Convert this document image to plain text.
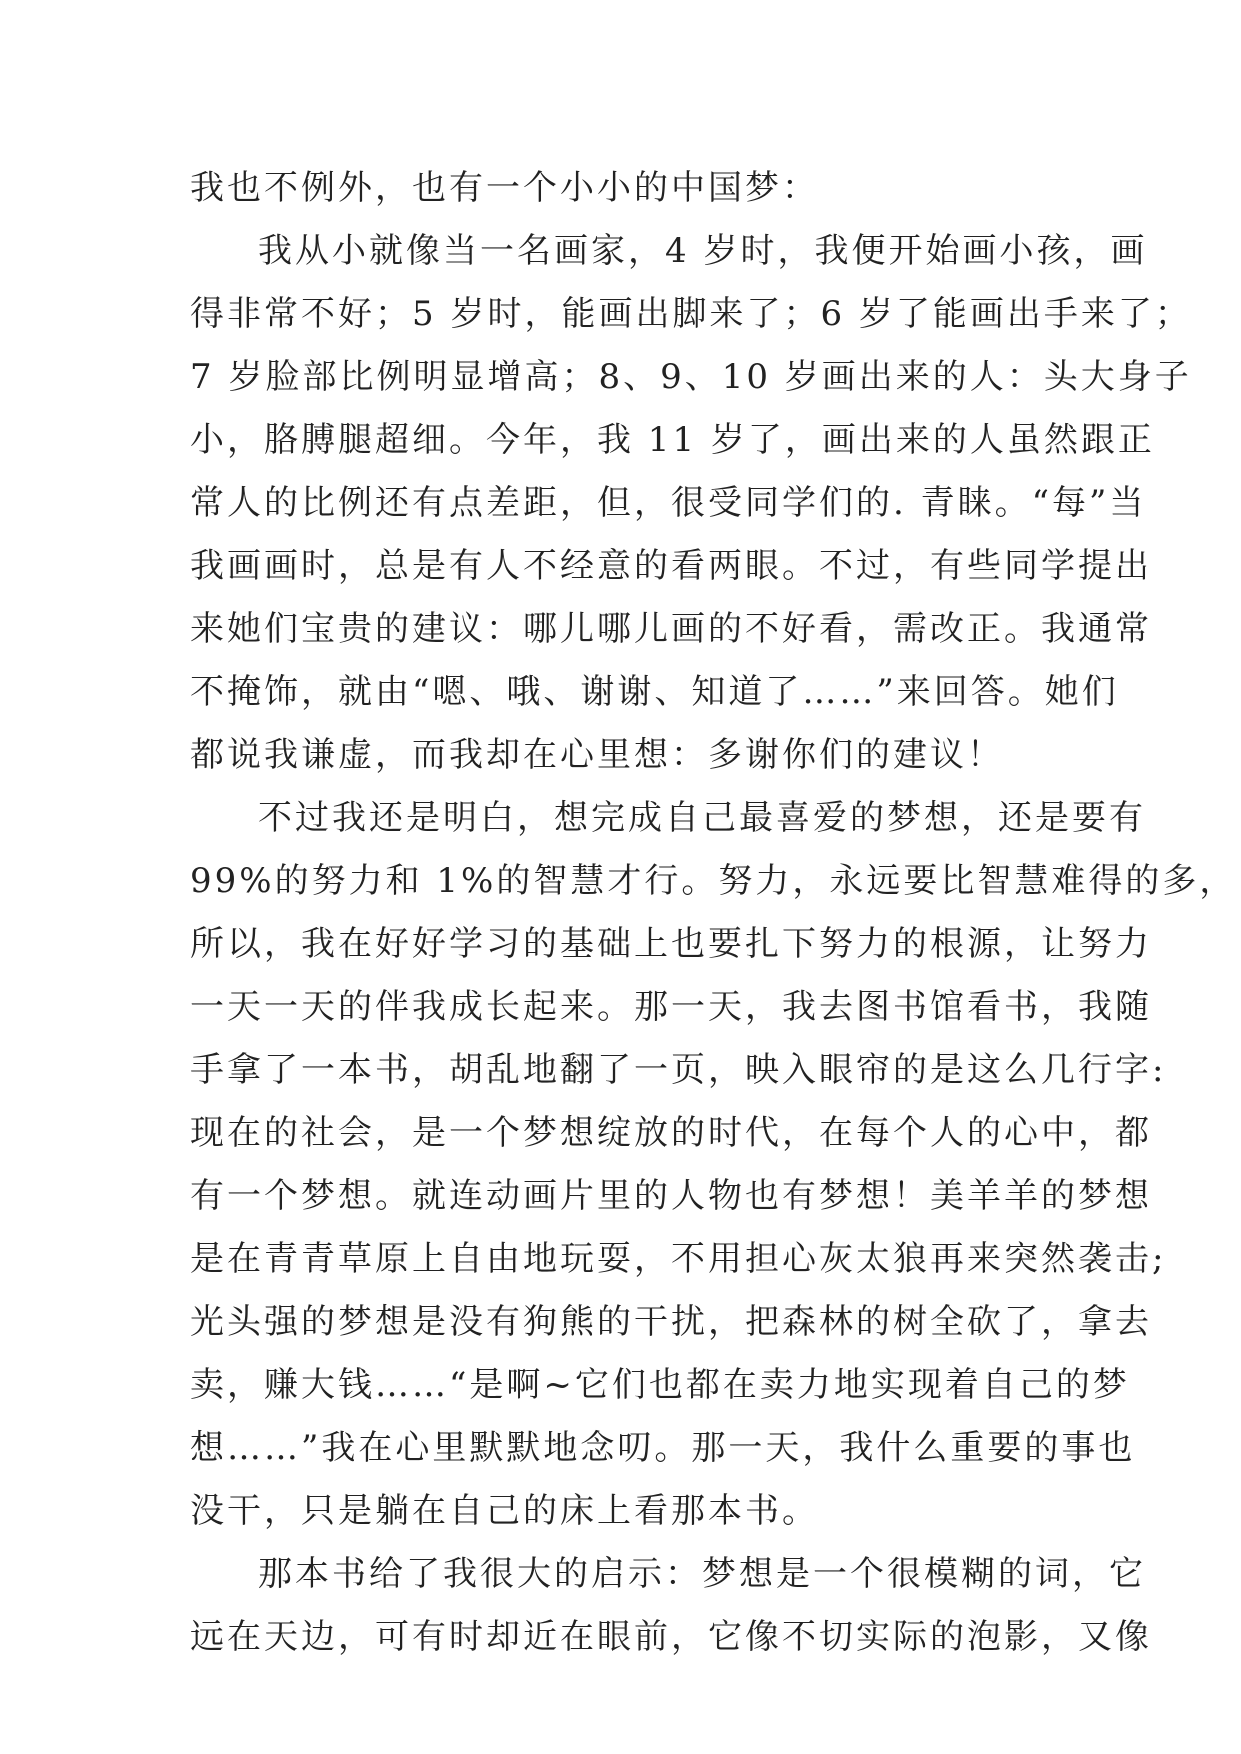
我也不例外，也有一个小小的中国梦：
我从小就像当一名画家，4 岁时，我便开始画小孩，画
得非常不好；5 岁时，能画出脚来了；6 岁了能画出手来了；
7 岁脸部比例明显增高；8、9、10 岁画出来的人：头大身子
小，胳膊腿超细。今年，我 11 岁了，画出来的人虽然跟正
常人的比例还有点差距，但，很受同学们的. 青睐。“每”当
我画画时，总是有人不经意的看两眼。不过，有些同学提出
来她们宝贵的建议：哪儿哪儿画的不好看，需改正。我通常
不掩饰，就由“嗯、哦、谢谢、知道了……”来回答。她们
都说我谦虚，而我却在心里想：多谢你们的建议！
不过我还是明白，想完成自己最喜爱的梦想，还是要有
99%的努力和 1%的智慧才行。努力，永远要比智慧难得的多，
所以，我在好好学习的基础上也要扎下努力的根源，让努力
一天一天的伴我成长起来。那一天，我去图书馆看书，我随
手拿了一本书，胡乱地翻了一页，映入眼帘的是这么几行字:
现在的社会，是一个梦想绽放的时代，在每个人的心中，都
有一个梦想。就连动画片里的人物也有梦想！美羊羊的梦想
是在青青草原上自由地玩耍，不用担心灰太狼再来突然袭击;
光头强的梦想是没有狗熊的干扰，把森林的树全砍了，拿去
卖，赚大钱……“是啊~它们也都在卖力地实现着自己的梦
想……”我在心里默默地念叨。那一天，我什么重要的事也
没干，只是躺在自己的床上看那本书。
那本书给了我很大的启示：梦想是一个很模糊的词，它
远在天边，可有时却近在眼前，它像不切实际的泡影，又像
